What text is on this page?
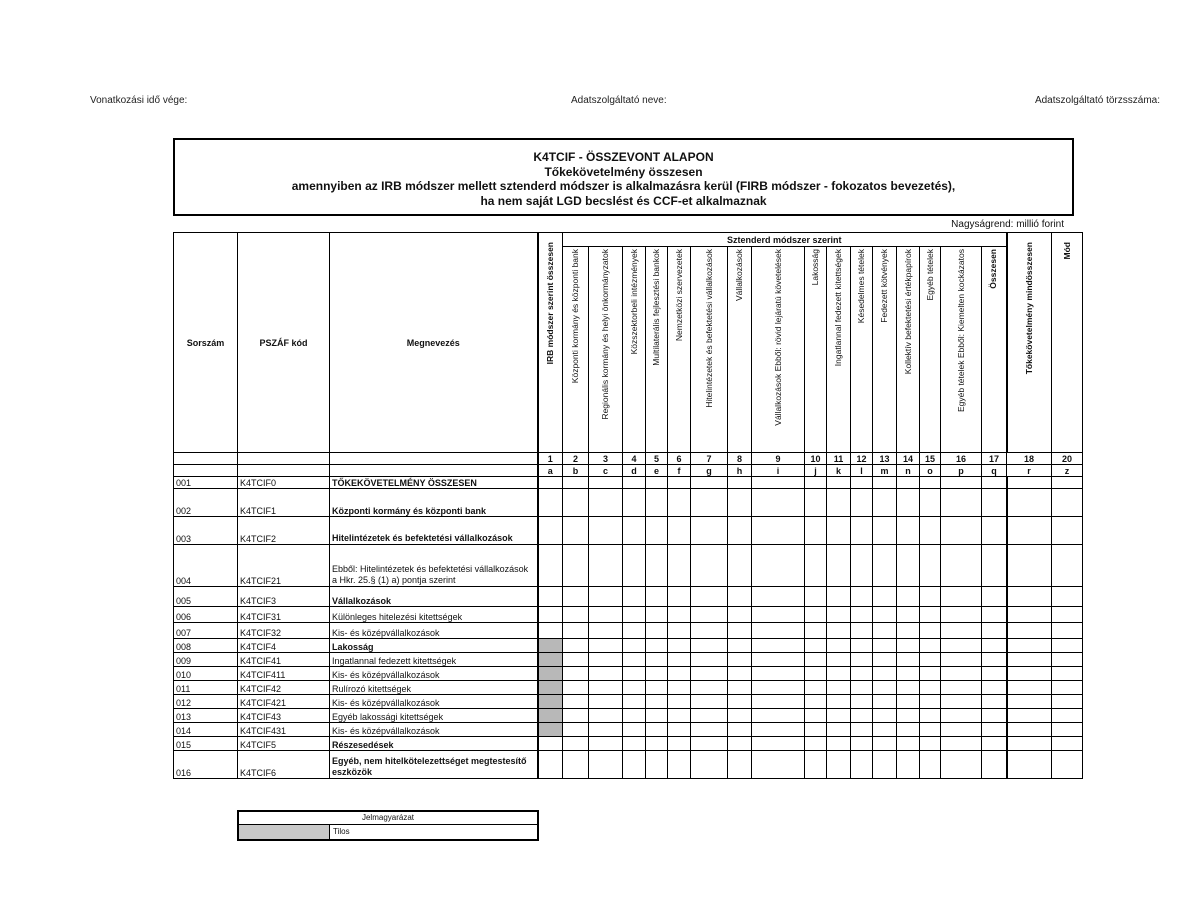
Vonatkozási idő vége:	Adatszolgáltató neve:	Adatszolgáltató törzsszáma:
K4TCIF - ÖSSZEVONT ALAPON
Tőkekövetelmény összesen
amennyiben az IRB módszer mellett sztenderd módszer is alkalmazásra kerül (FIRB módszer - fokozatos bevezetés),
ha nem saját LGD becslést és CCF-et alkalmaznak
Nagyságrend: millió forint
Sorszám	PSZÁF kód	Megnevezés	IRB módszer szerint összesen	Sztenderd módszer szerint																Tőkekövetelmény mindösszesen	Mód

				Központi kormány és központi bank	Regionális kormány és helyi önkormányzatok	Közszektorbeli intézmények	Multilaterális fejlesztési bankok	Nemzetközi szervezetek	Hitelintézetek és befektetési vállalkozások	Vállalkozások	Vállalkozások Ebből: rövid lejáratú követelések	Lakosság	Ingatlannal fedezett kitettségek	Késedelmes tételek	Fedezett kötvények	Kollektív befektetési értékpapírok	Egyéb tételek	Egyéb tételek Ebből: Kiemelten kockázatos	Összesen		

			1	2	3	4	5	6	7	8	9	10	11	12	13	14	15	16	17	18	20
			a	b	c	d	e	f	g	h	i	j	k	l	m	n	o	p	q	r	z
001	K4TCIF0	TŐKEKÖVETELMÉNY ÖSSZESEN																			
002	K4TCIF1	Központi kormány és központi bank																			
003	K4TCIF2	Hitelintézetek és befektetési vállalkozások																			
004	K4TCIF21	Ebből: Hitelintézetek és befektetési vállalkozások a Hkr. 25.§ (1) a) pontja szerint																			
005	K4TCIF3	Vállalkozások																			
006	K4TCIF31	Különleges hitelezési kitettségek																			
007	K4TCIF32	Kis- és középvállalkozások																			
008	K4TCIF4	Lakosság																			
009	K4TCIF41	Ingatlannal fedezett kitettségek																			
010	K4TCIF411	Kis- és középvállalkozások																			
011	K4TCIF42	Rulírozó kitettségek																			
012	K4TCIF421	Kis- és középvállalkozások																			
013	K4TCIF43	Egyéb lakossági kitettségek																			
014	K4TCIF431	Kis- és középvállalkozások																			
015	K4TCIF5	Részesedések																			
016	K4TCIF6	Egyéb, nem hitelkötelezettséget megtestesítő eszközök																			
Jelmagyarázat
Tilos
